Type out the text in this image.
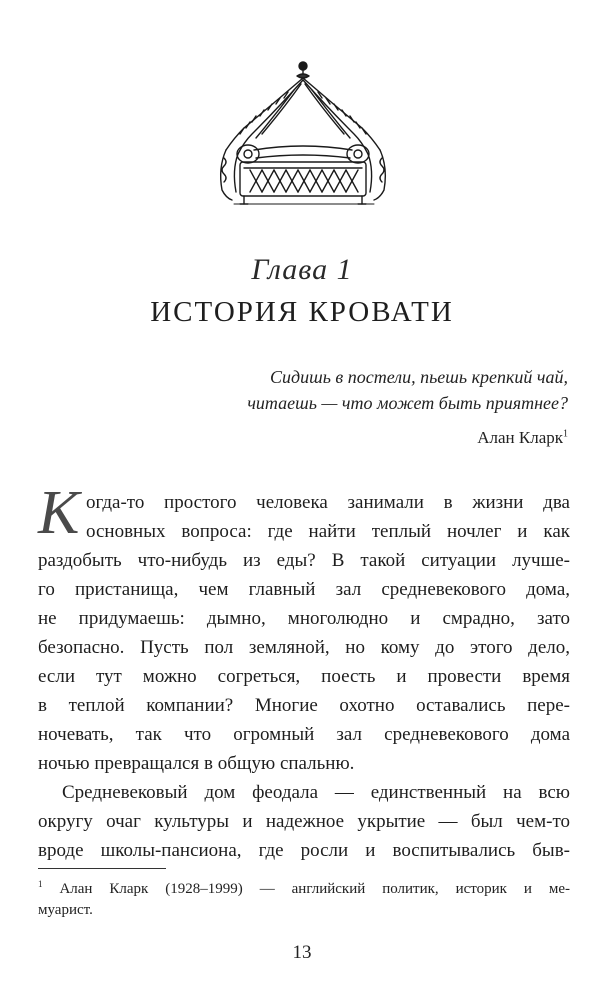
Глава 1
ИСТОРИЯ КРОВАТИ
Сидишь в постели, пьешь крепкий чай,
читаешь — что может быть приятнее?
Алан Кларк$^1$
К огда-то простого человека занимали в жизни два
основных вопроса: где найти теплый ночлег и как
раздобыть что-нибудь из еды? В такой ситуации лучше-
го пристанища, чем главный зал средневекового дома,
не придумаешь: дымно, многолюдно и смрадно, зато
безопасно. Пусть пол земляной, но кому до этого дело,
если тут можно согреться, поесть и провести время
в теплой компании? Многие охотно оставались пере-
ночевать, так что огромный зал средневекового дома
ночью превращался в общую спальню.
Средневековый дом феодала — единственный на всю
округу очаг культуры и надежное укрытие — был чем-то
вроде школы-пансиона, где росли и воспитывались быв-
$^1$ Алан Кларк (1928–1999) — английский политик, историк и ме-
муарист.
13
